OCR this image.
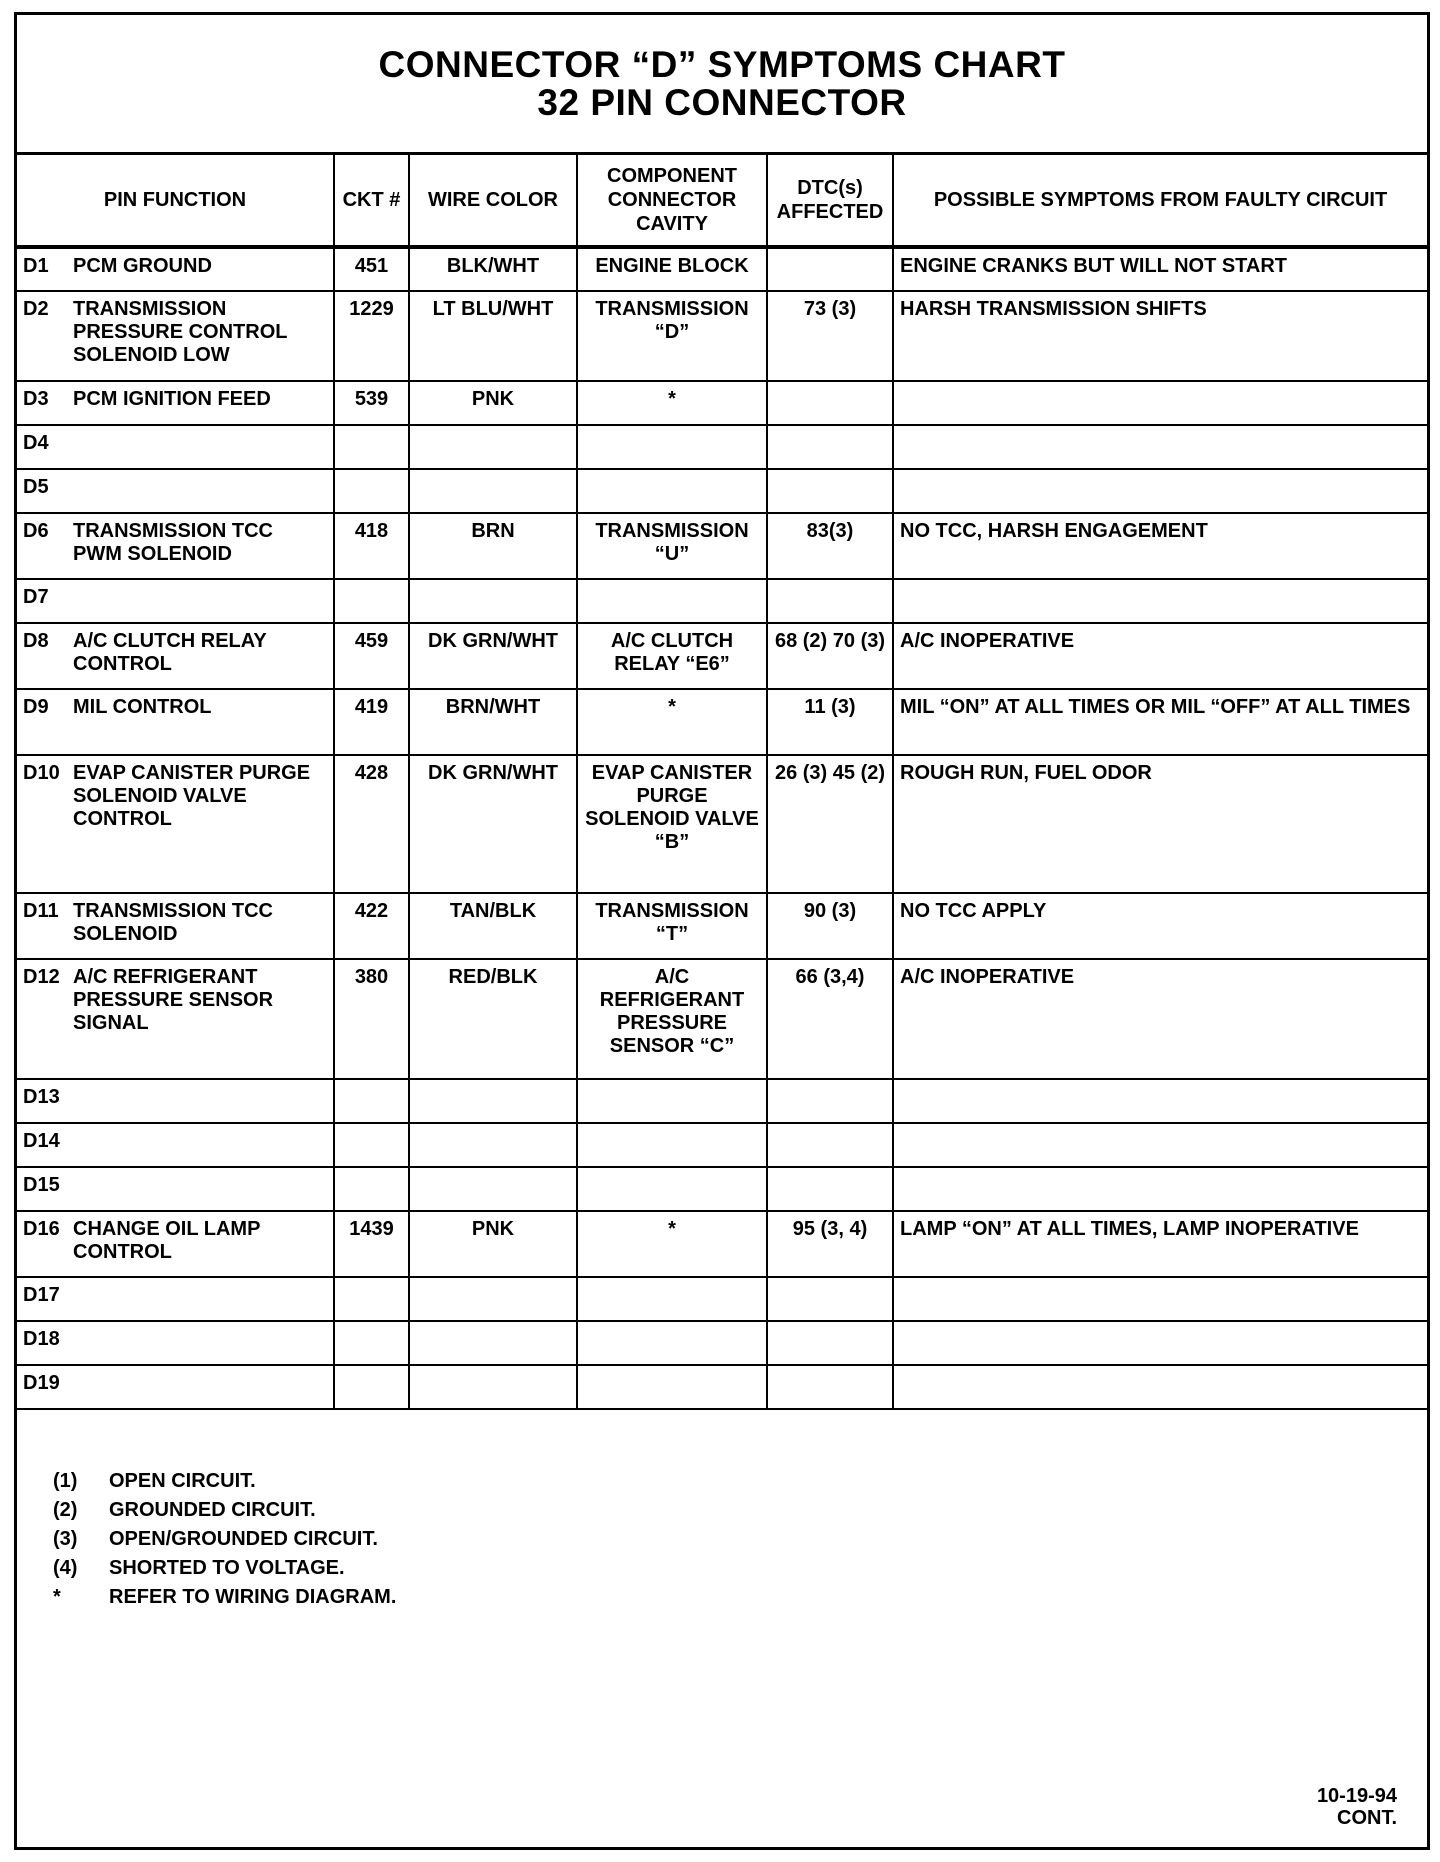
CONNECTOR “D” SYMPTOMS CHART
32 PIN CONNECTOR
PIN FUNCTION	CKT #	WIRE COLOR	COMPONENT CONNECTOR CAVITY	DTC(s) AFFECTED	POSSIBLE SYMPTOMS FROM FAULTY CIRCUIT
D1 PCM GROUND	451	BLK/WHT	ENGINE BLOCK		ENGINE CRANKS BUT WILL NOT START
D2 TRANSMISSION PRESSURE CONTROL SOLENOID LOW	1229	LT BLU/WHT	TRANSMISSION “D”	73 (3)	HARSH TRANSMISSION SHIFTS
D3 PCM IGNITION FEED	539	PNK	*		
D4					
D5					
D6 TRANSMISSION TCC PWM SOLENOID	418	BRN	TRANSMISSION “U”	83(3)	NO TCC, HARSH ENGAGEMENT
D7					
D8 A/C CLUTCH RELAY CONTROL	459	DK GRN/WHT	A/C CLUTCH RELAY “E6”	68 (2) 70 (3)	A/C INOPERATIVE
D9 MIL CONTROL	419	BRN/WHT	*	11 (3)	MIL “ON” AT ALL TIMES OR MIL “OFF” AT ALL TIMES
D10 EVAP CANISTER PURGE SOLENOID VALVE CONTROL	428	DK GRN/WHT	EVAP CANISTER PURGE SOLENOID VALVE “B”	26 (3) 45 (2)	ROUGH RUN, FUEL ODOR
D11 TRANSMISSION TCC SOLENOID	422	TAN/BLK	TRANSMISSION “T”	90 (3)	NO TCC APPLY
D12 A/C REFRIGERANT PRESSURE SENSOR SIGNAL	380	RED/BLK	A/C REFRIGERANT PRESSURE SENSOR “C”	66 (3,4)	A/C INOPERATIVE
D13					
D14					
D15					
D16 CHANGE OIL LAMP CONTROL	1439	PNK	*	95 (3, 4)	LAMP “ON” AT ALL TIMES, LAMP INOPERATIVE
D17					
D18					
D19					
(1)	OPEN CIRCUIT.
(2)	GROUNDED CIRCUIT.
(3)	OPEN/GROUNDED CIRCUIT.
(4)	SHORTED TO VOLTAGE.
*	REFER TO WIRING DIAGRAM.
10-19-94
CONT.
